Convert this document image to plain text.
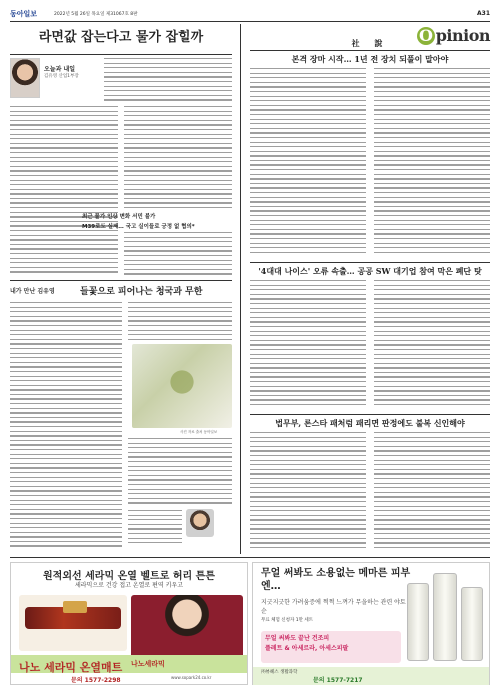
동아일보	2022년 5월 26일 목요일 제31067호 8판	A31
O pinion
라면값 잡는다고 물가 잡힐까
오늘과 내일
김유영 산업1부장
최근 물가 인상 변화 서민 불가
M39로도 실제… 국고 실이들로 긍정 없 협의*
내가 만난 김유영	들꽃으로 피어나는 청국과 무한
사진 자료 출처 동아일보
社 說
본격 장마 시작… 1년 전 장치 되풀이 말아야
'4대대 나이스' 오류 속출… 공공 SW 대기업 참여 막은 폐단 탓
법무부, 론스타 패처럼 패리면 판정에도 불복 신인해야
원적외선 세라믹 온열 벨트로 허리 튼튼
세라믹으로 건강 접고 온열로 편역 키우고
나노 세라믹 온열매트 나노세라믹
문의 1577-2298	www.sopark24.co.kr
무얼 써봐도 소용없는 메마른 피부엔…
지긋지긋한 가려움증에 쩍쩍 느껴가 무을하는 관련 야토순
무료 체험 신청자 1만 세트
무얼 써봐도 끝난 건조피
플레트 & 아세르라, 아세스피팔
㈜뷰헤스 생활과학
문의 1577-7217
